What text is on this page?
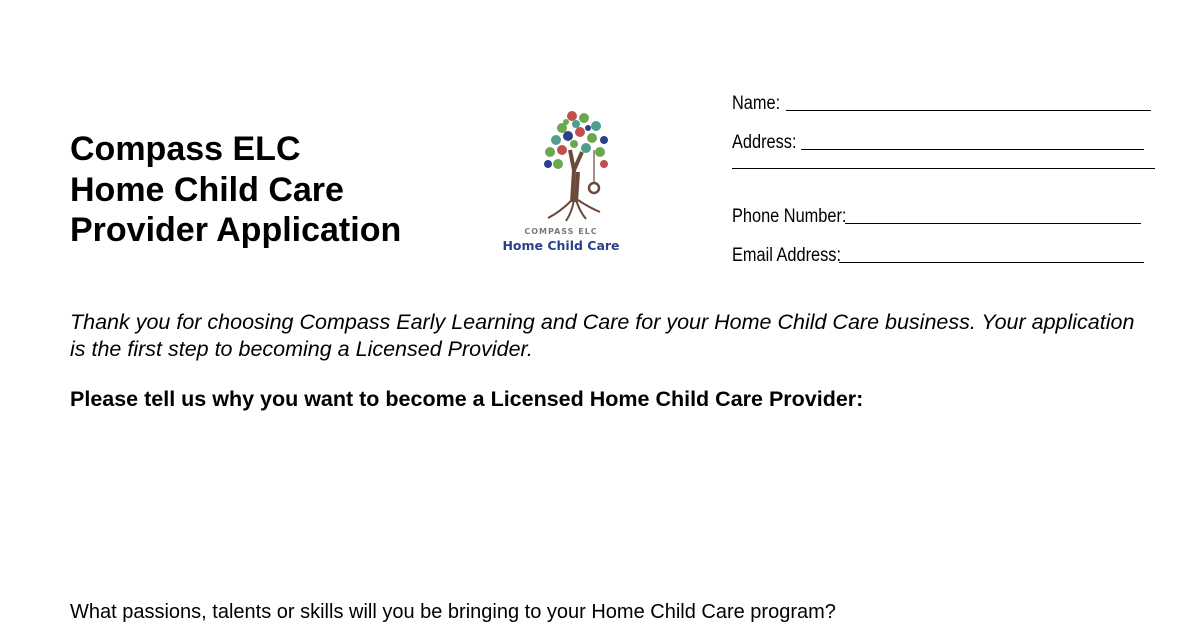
Compass ELC
Home Child Care
Provider Application	COMPASS ELC
Home Child Care
Name:
Address:
Phone Number:
Email Address:

Thank you for choosing Compass Early Learning and Care for your Home Child Care business. Your application is the first step to becoming a Licensed Provider.

Please tell us why you want to become a Licensed Home Child Care Provider:

What passions, talents or skills will you be bringing to your Home Child Care program?
